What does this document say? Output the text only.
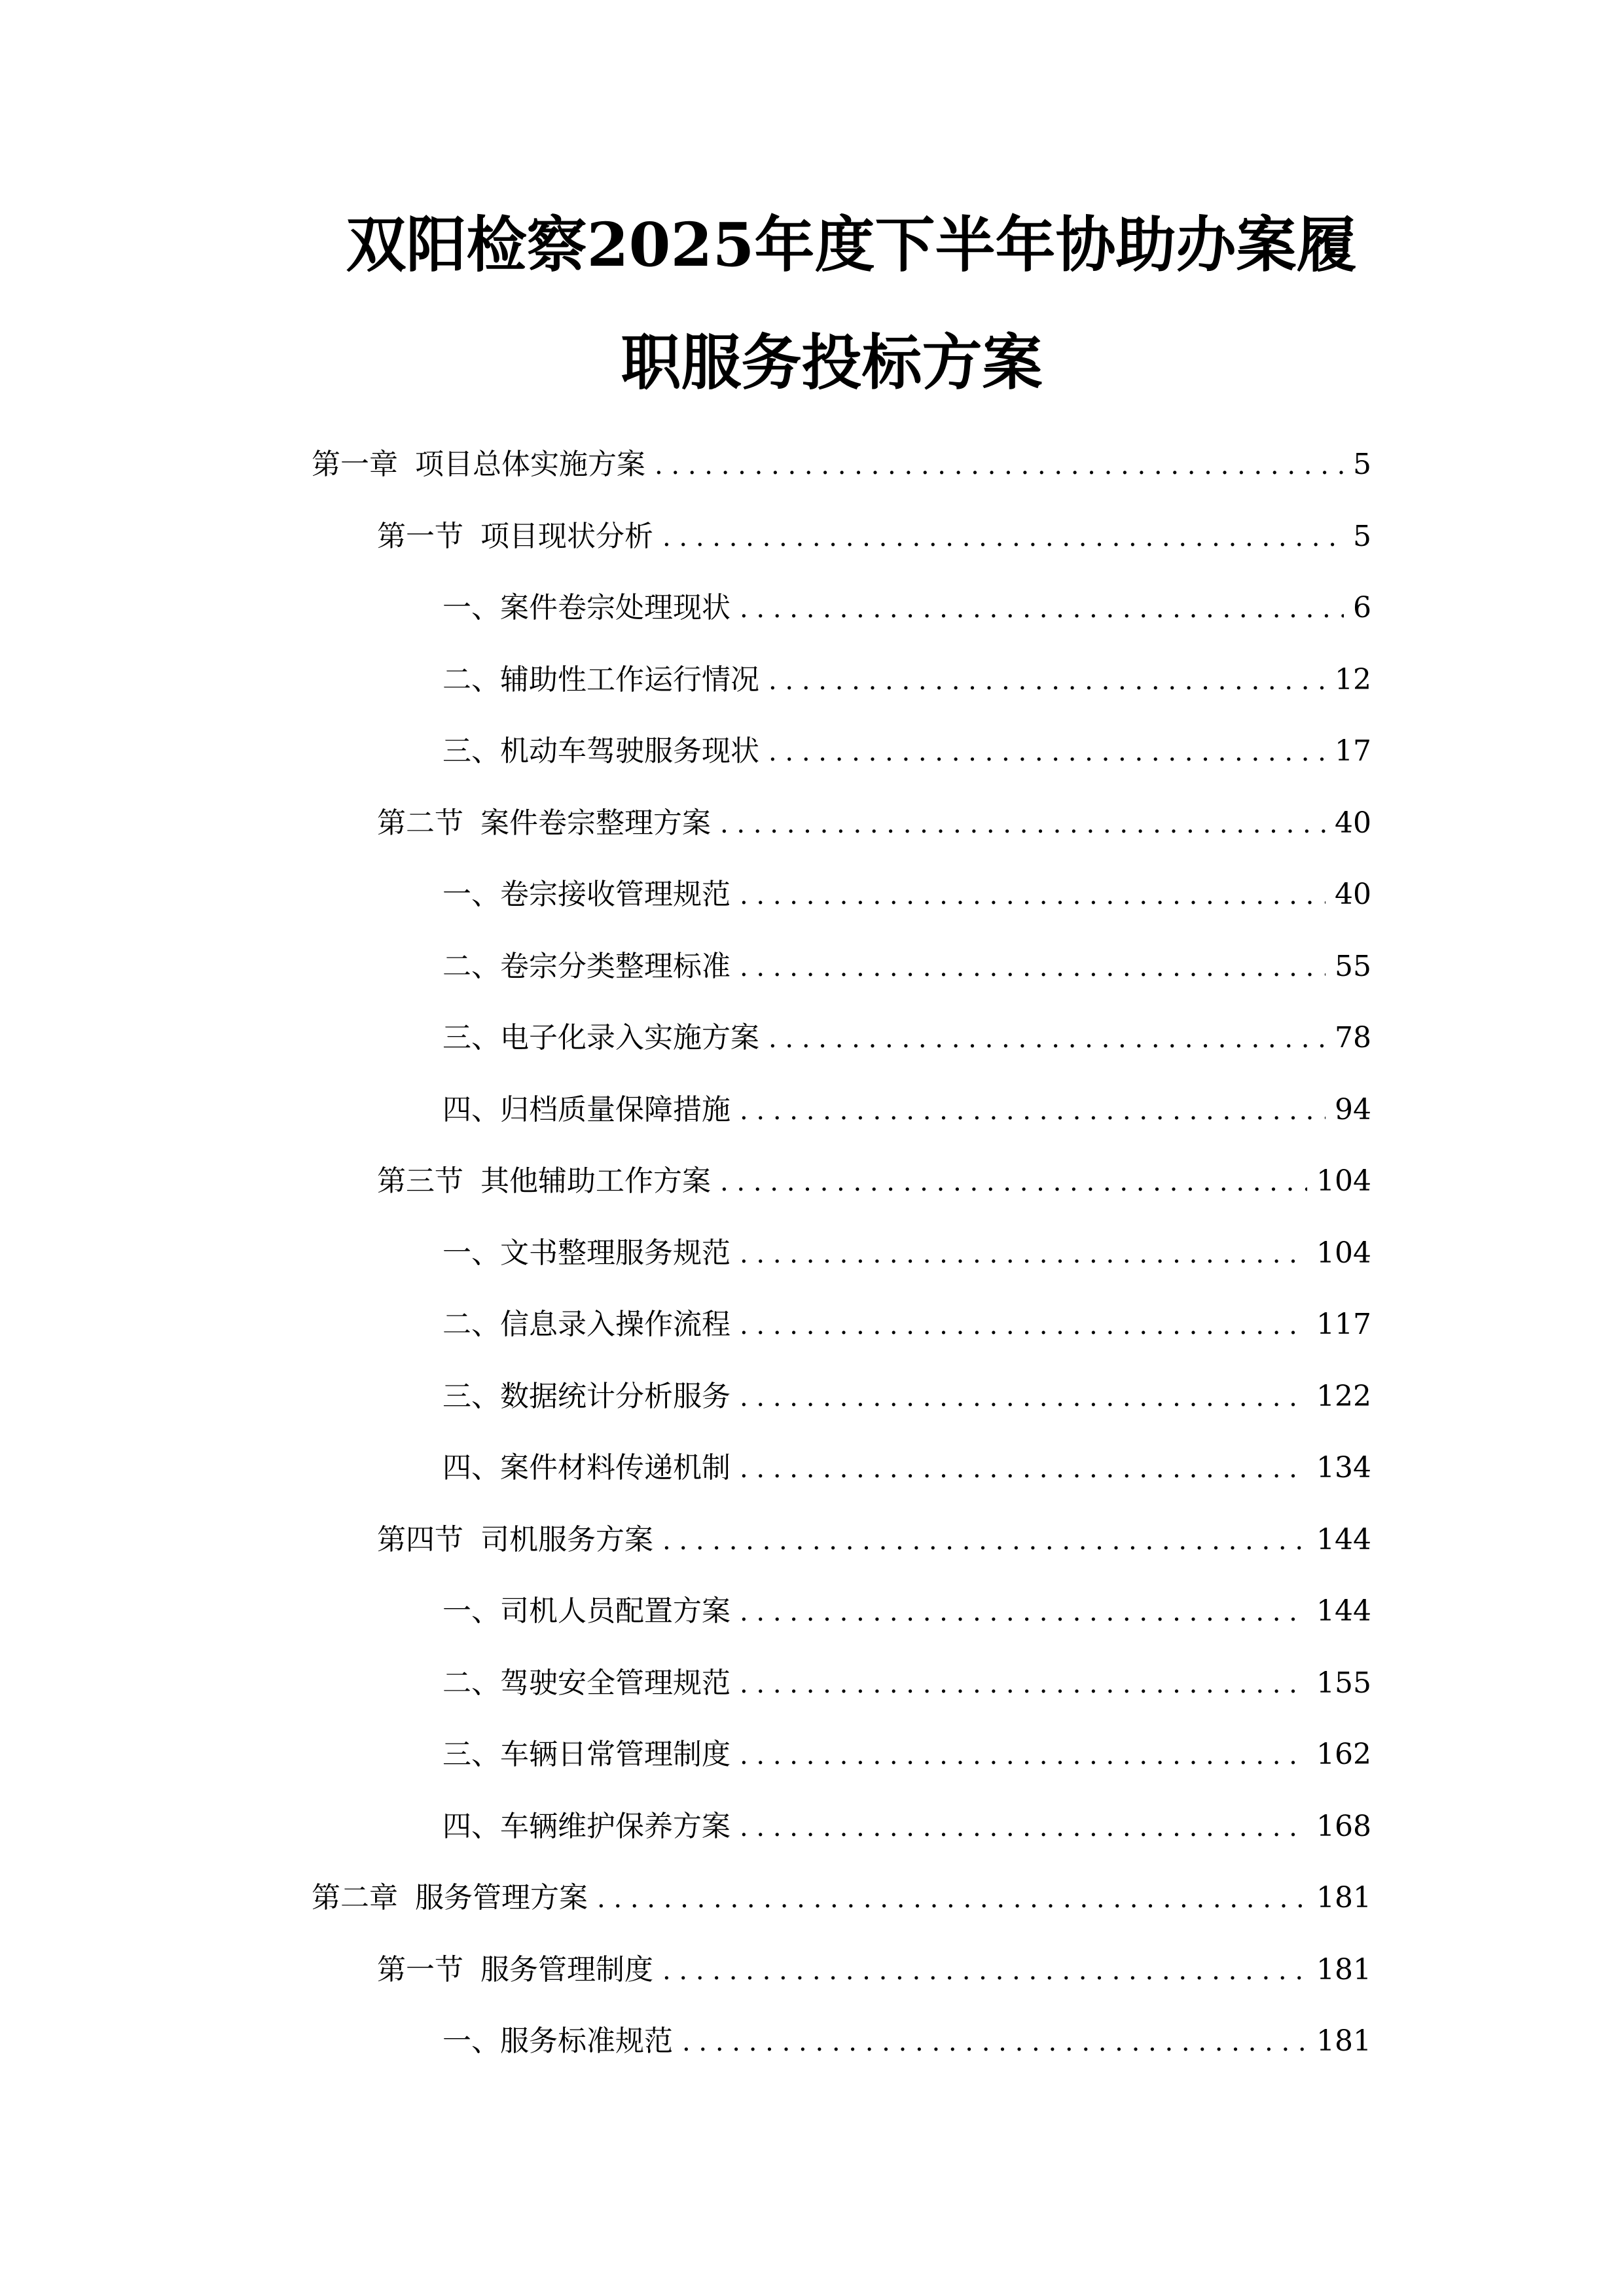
双阳检察2025年度下半年协助办案履
职服务投标方案
第一章 项目总体实施方案 . . .	5
第一节 项目现状分析 . . .	5
一、 案件卷宗处理现状 . . .	6
二、 辅助性工作运行情况 . . .	12
三、 机动车驾驶服务现状 . . .	17
第二节 案件卷宗整理方案 . . .	40
一、 卷宗接收管理规范 . . .	40
二、 卷宗分类整理标准 . . .	55
三、 电子化录入实施方案 . . .	78
四、 归档质量保障措施 . . .	94
第三节 其他辅助工作方案 . . .	104
一、 文书整理服务规范 . . .	104
二、 信息录入操作流程 . . .	117
三、 数据统计分析服务 . . .	122
四、 案件材料传递机制 . . .	134
第四节 司机服务方案 . . .	144
一、 司机人员配置方案 . . .	144
二、 驾驶安全管理规范 . . .	155
三、 车辆日常管理制度 . . .	162
四、 车辆维护保养方案 . . .	168
第二章 服务管理方案 . . .	181
第一节 服务管理制度 . . .	181
一、 服务标准规范 . . .	181
